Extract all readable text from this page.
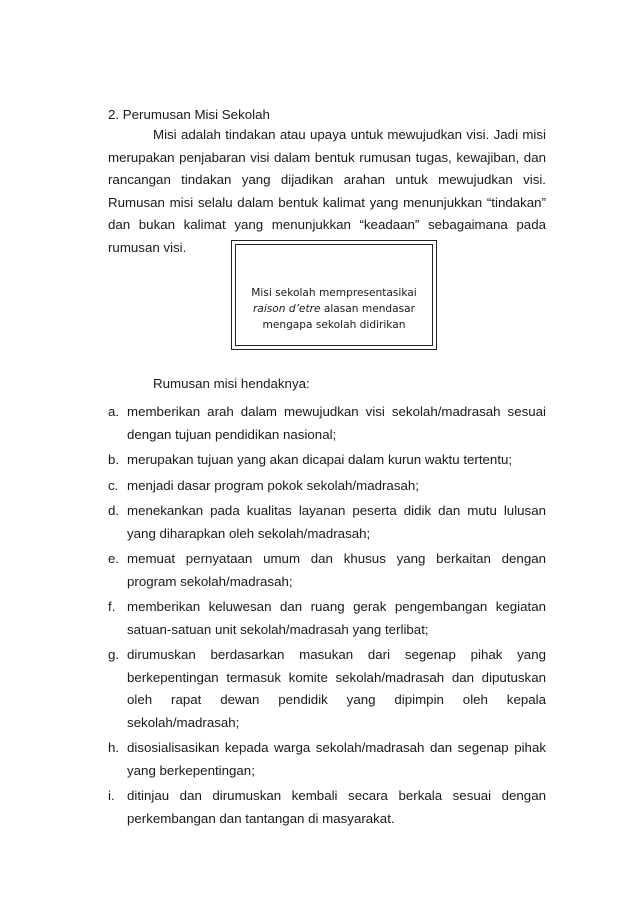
2. Perumusan Misi Sekolah

Misi adalah tindakan atau upaya untuk mewujudkan visi. Jadi misi merupakan penjabaran visi dalam bentuk rumusan tugas, kewajiban, dan rancangan tindakan yang dijadikan arahan untuk mewujudkan visi. Rumusan misi selalu dalam bentuk kalimat yang menunjukkan “tindakan” dan bukan kalimat yang menunjukkan “keadaan” sebagaimana pada rumusan visi.

Misi sekolah mempresentasikai
raison d’etre alasan mendasar
mengapa sekolah didirikan
Rumusan misi hendaknya:
a. memberikan arah dalam mewujudkan visi sekolah/madrasah sesuai dengan tujuan pendidikan nasional;
b. merupakan tujuan yang akan dicapai dalam kurun waktu tertentu;
c. menjadi dasar program pokok sekolah/madrasah;
d. menekankan pada kualitas layanan peserta didik dan mutu lulusan yang diharapkan oleh sekolah/madrasah;
e. memuat pernyataan umum dan khusus yang berkaitan dengan program sekolah/madrasah;
f. memberikan keluwesan dan ruang gerak pengembangan kegiatan satuan-satuan unit sekolah/madrasah yang terlibat;
g. dirumuskan berdasarkan masukan dari segenap pihak yang berkepentingan termasuk komite sekolah/madrasah dan diputuskan oleh rapat dewan pendidik yang dipimpin oleh kepala sekolah/madrasah;
h. disosialisasikan kepada warga sekolah/madrasah dan segenap pihak yang berkepentingan;
i. ditinjau dan dirumuskan kembali secara berkala sesuai dengan perkembangan dan tantangan di masyarakat.
